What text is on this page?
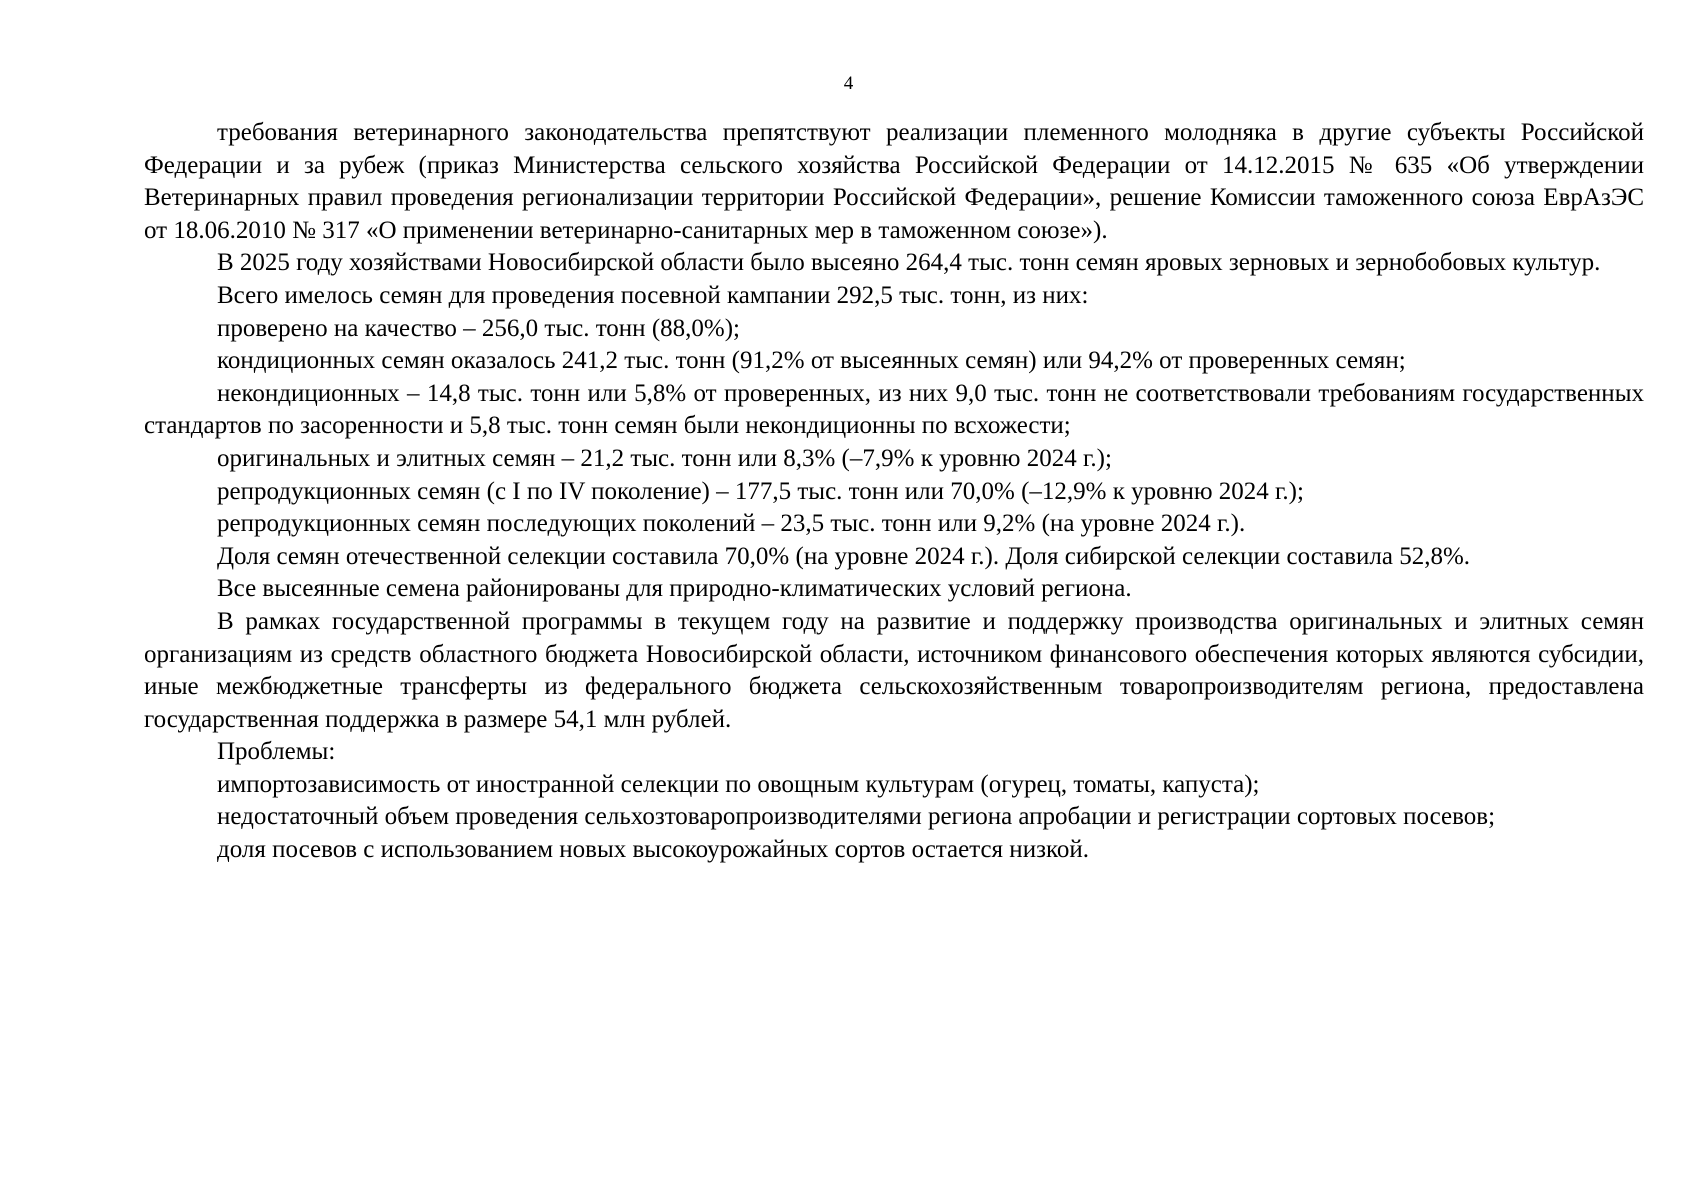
4

требования ветеринарного законодательства препятствуют реализации племенного молодняка в другие субъекты Российской Федерации и за рубеж (приказ Министерства сельского хозяйства Российской Федерации от 14.12.2015 № 635 «Об утверждении Ветеринарных правил проведения регионализации территории Российской Федерации», решение Комиссии таможенного союза ЕврАзЭС от 18.06.2010 № 317 «О применении ветеринарно-санитарных мер в таможенном союзе»).

В 2025 году хозяйствами Новосибирской области было высеяно 264,4 тыс. тонн семян яровых зерновых и зернобобовых культур.

Всего имелось семян для проведения посевной кампании 292,5 тыс. тонн, из них:

проверено на качество – 256,0 тыс. тонн (88,0%);

кондиционных семян оказалось 241,2 тыс. тонн (91,2% от высеянных семян) или 94,2% от проверенных семян;

некондиционных – 14,8 тыс. тонн или 5,8% от проверенных, из них 9,0 тыс. тонн не соответствовали требованиям государственных стандартов по засоренности и 5,8 тыс. тонн семян были некондиционны по всхожести;

оригинальных и элитных семян – 21,2 тыс. тонн или 8,3% (–7,9% к уровню 2024 г.);

репродукционных семян (с I по IV поколение) – 177,5 тыс. тонн или 70,0% (–12,9% к уровню 2024 г.);

репродукционных семян последующих поколений – 23,5 тыс. тонн или 9,2% (на уровне 2024 г.).

Доля семян отечественной селекции составила 70,0% (на уровне 2024 г.). Доля сибирской селекции составила 52,8%.

Все высеянные семена районированы для природно-климатических условий региона.

В рамках государственной программы в текущем году на развитие и поддержку производства оригинальных и элитных семян организациям из средств областного бюджета Новосибирской области, источником финансового обеспечения которых являются субсидии, иные межбюджетные трансферты из федерального бюджета сельскохозяйственным товаропроизводителям региона, предоставлена государственная поддержка в размере 54,1 млн рублей.

Проблемы:

импортозависимость от иностранной селекции по овощным культурам (огурец, томаты, капуста);

недостаточный объем проведения сельхозтоваропроизводителями региона апробации и регистрации сортовых посевов;

доля посевов с использованием новых высокоурожайных сортов остается низкой.
